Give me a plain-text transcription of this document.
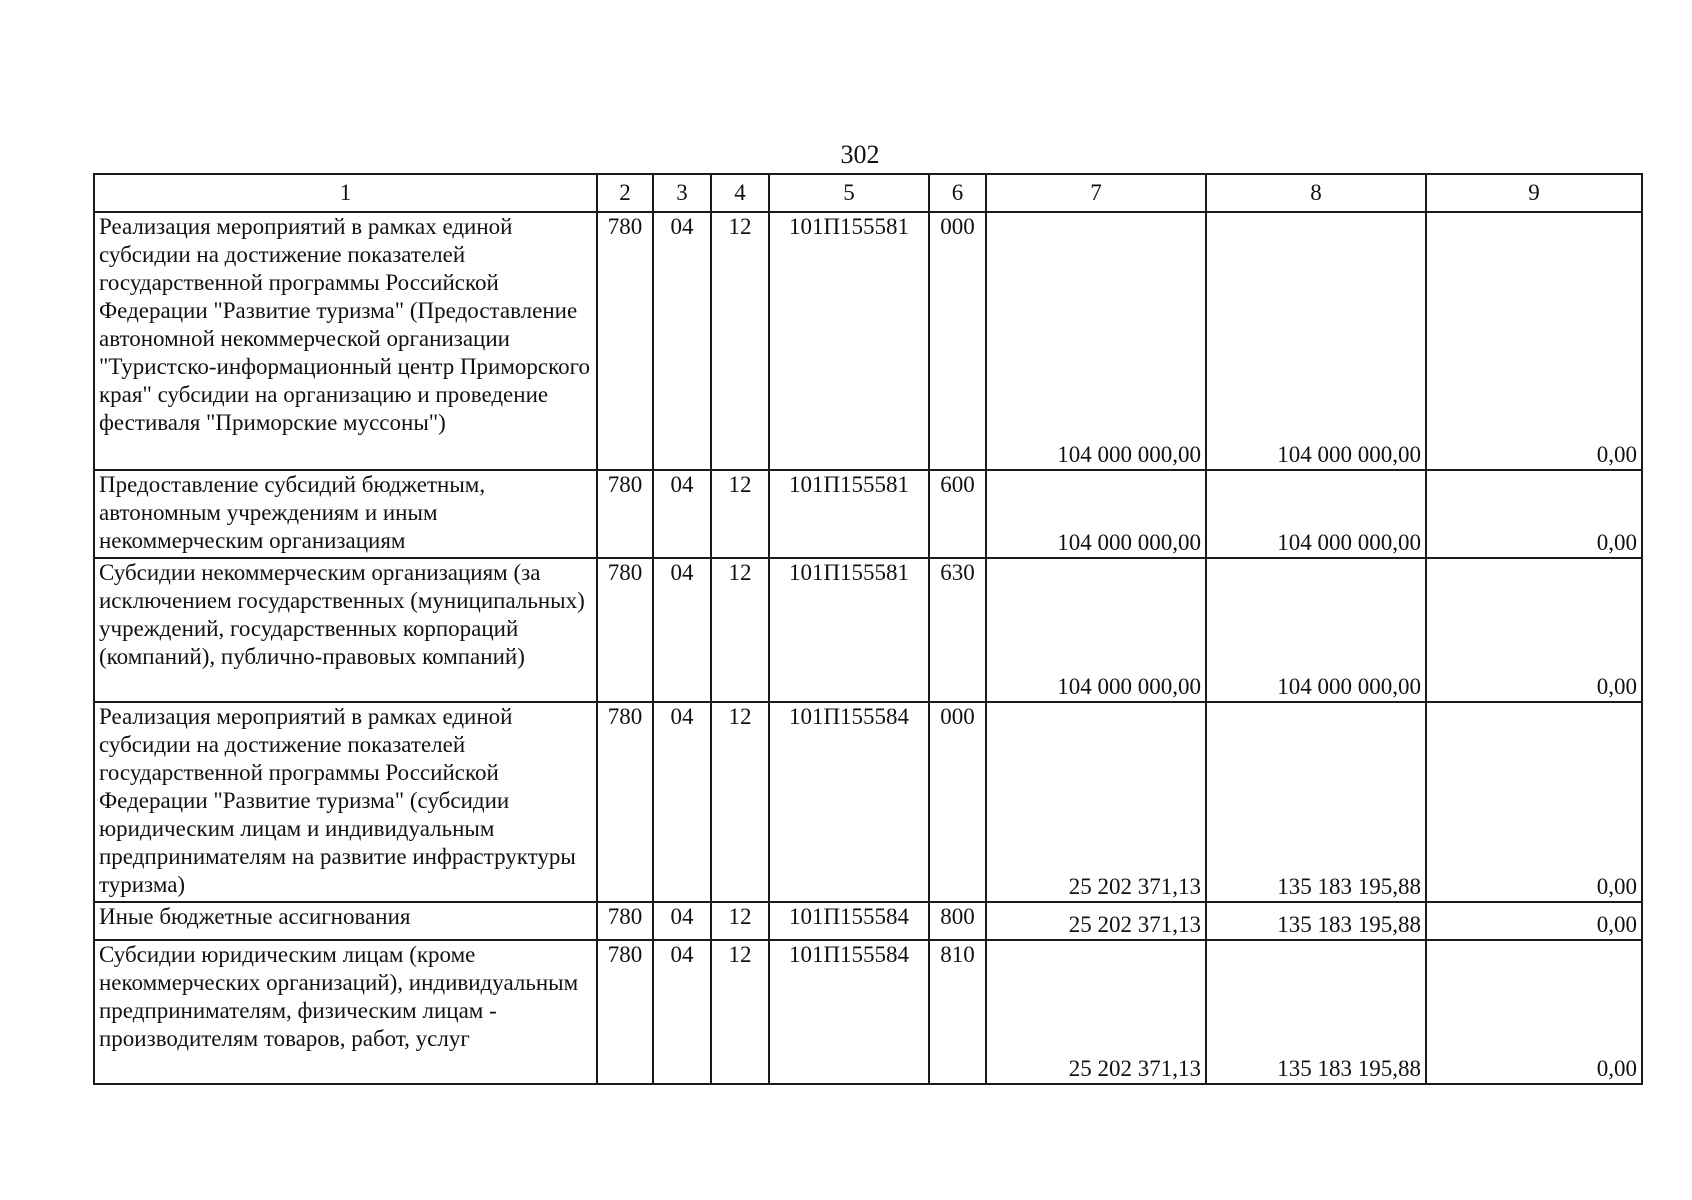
302
1	2	3	4	5	6	7	8	9
Реализация мероприятий в рамках единой субсидии на достижение показателей государственной программы Российской Федерации "Развитие туризма" (Предоставление автономной некоммерческой организации "Туристско-информационный центр Приморского края" субсидии на организацию и проведение фестиваля "Приморские муссоны")	780	04	12	101П155581	000	104 000 000,00	104 000 000,00	0,00
Предоставление субсидий бюджетным, автономным учреждениям и иным некоммерческим организациям	780	04	12	101П155581	600	104 000 000,00	104 000 000,00	0,00
Субсидии некоммерческим организациям (за исключением государственных (муниципальных) учреждений, государственных корпораций (компаний), публично-правовых компаний)	780	04	12	101П155581	630	104 000 000,00	104 000 000,00	0,00
Реализация мероприятий в рамках единой субсидии на достижение показателей государственной программы Российской Федерации "Развитие туризма" (субсидии юридическим лицам и индивидуальным предпринимателям на развитие инфраструктуры туризма)	780	04	12	101П155584	000	25 202 371,13	135 183 195,88	0,00
Иные бюджетные ассигнования	780	04	12	101П155584	800	25 202 371,13	135 183 195,88	0,00
Субсидии юридическим лицам (кроме некоммерческих организаций), индивидуальным предпринимателям, физическим лицам - производителям товаров, работ, услуг	780	04	12	101П155584	810	25 202 371,13	135 183 195,88	0,00
